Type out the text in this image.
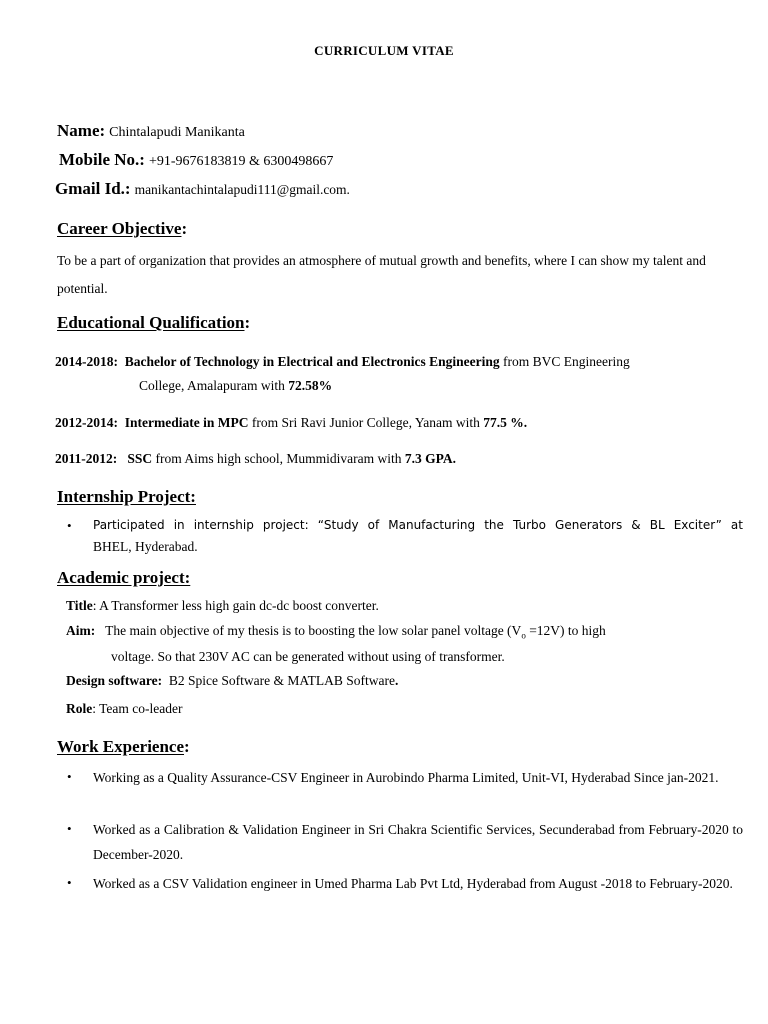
CURRICULUM VITAE
Name: Chintalapudi Manikanta
Mobile No.: +91-9676183819 & 6300498667
Gmail Id.: manikantachintalapudi111@gmail.com.
Career Objective:
To be a part of organization that provides an atmosphere of mutual growth and benefits, where I can show my talent and potential.
Educational Qualification:
2014-2018: Bachelor of Technology in Electrical and Electronics Engineering from BVC Engineering
College, Amalapuram with 72.58%
2012-2014: Intermediate in MPC from Sri Ravi Junior College, Yanam with 77.5 %.
2011-2012: SSC from Aims high school, Mummidivaram with 7.3 GPA.
Internship Project:
• Participated in internship project: “Study of Manufacturing the Turbo Generators & BL Exciter” at
BHEL, Hyderabad.
Academic project:
Title: A Transformer less high gain dc-dc boost converter.
Aim: The main objective of my thesis is to boosting the low solar panel voltage $(V_o =12V)$ to high
voltage. So that 230V AC can be generated without using of transformer.
Design software: B2 Spice Software & MATLAB Software.
Role: Team co-leader
Work Experience:
• Working as a Quality Assurance-CSV Engineer in Aurobindo Pharma Limited, Unit-VI, Hyderabad Since jan-2021.
• Worked as a Calibration & Validation Engineer in Sri Chakra Scientific Services, Secunderabad from February-2020 to December-2020.
• Worked as a CSV Validation engineer in Umed Pharma Lab Pvt Ltd, Hyderabad from August -2018 to February-2020.
